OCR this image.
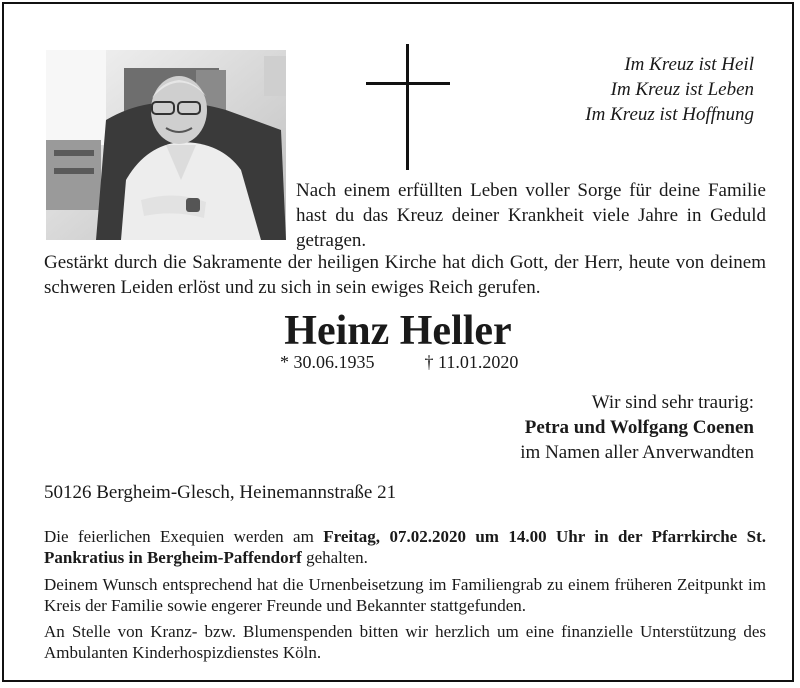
Im Kreuz ist Heil
Im Kreuz ist Leben
Im Kreuz ist Hoffnung
Nach einem erfüllten Leben voller Sorge für deine Familie hast du das Kreuz deiner Krankheit viele Jahre in Geduld getragen.
Gestärkt durch die Sakramente der heiligen Kirche hat dich Gott, der Herr, heute von deinem schweren Leiden erlöst und zu sich in sein ewiges Reich gerufen.
Heinz Heller
* 30.06.1935	† 11.01.2020
Wir sind sehr traurig:
Petra und Wolfgang Coenen
im Namen aller Anverwandten
50126 Bergheim-Glesch, Heinemannstraße 21
Die feierlichen Exequien werden am Freitag, 07.02.2020 um 14.00 Uhr in der Pfarrkirche St. Pankratius in Bergheim-Paffendorf gehalten.
Deinem Wunsch entsprechend hat die Urnenbeisetzung im Familiengrab zu einem früheren Zeitpunkt im Kreis der Familie sowie engerer Freunde und Bekannter stattgefunden.
An Stelle von Kranz- bzw. Blumenspenden bitten wir herzlich um eine finanzielle Unterstützung des Ambulanten Kinderhospizdienstes Köln.
